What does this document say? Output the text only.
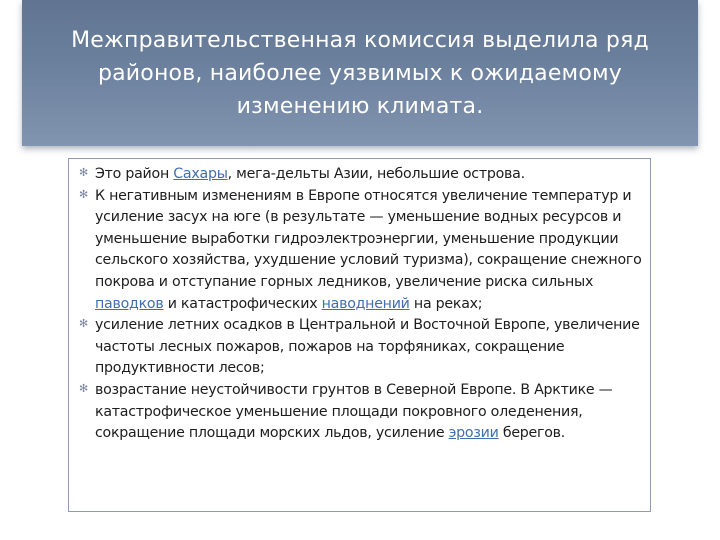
Межправительственная комиссия выделила ряд районов, наиболее уязвимых к ожидаемому изменению климата.
✻ Это район Сахары, мега-дельты Азии, небольшие острова.
✻ К негативным изменениям в Европе относятся увеличение температур и усиление засух на юге (в результате — уменьшение водных ресурсов и уменьшение выработки гидроэлектроэнергии, уменьшение продукции сельского хозяйства, ухудшение условий туризма), сокращение снежного покрова и отступание горных ледников, увеличение риска сильных паводков и катастрофических наводнений на реках;
✻ усиление летних осадков в Центральной и Восточной Европе, увеличение частоты лесных пожаров, пожаров на торфяниках, сокращение продуктивности лесов;
✻ возрастание неустойчивости грунтов в Северной Европе. В Арктике — катастрофическое уменьшение площади покровного оледенения, сокращение площади морских льдов, усиление эрозии берегов.
